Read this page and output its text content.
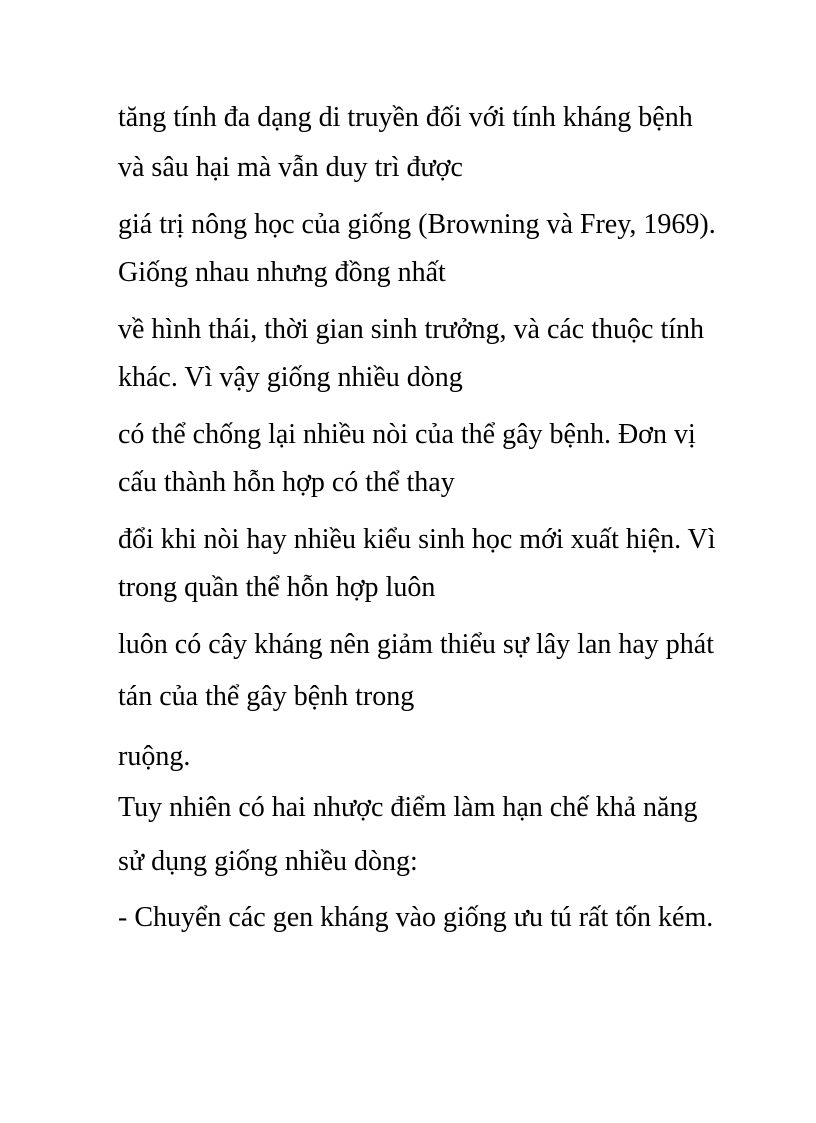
tăng tính đa dạng di truyền đối với tính kháng bệnh
và sâu hại mà vẫn duy trì được
giá trị nông học của giống (Browning và Frey, 1969).
Giống nhau nhưng đồng nhất
về hình thái, thời gian sinh trưởng, và các thuộc tính
khác. Vì vậy giống nhiều dòng
có thể chống lại nhiều nòi của thể gây bệnh. Đơn vị
cấu thành hỗn hợp có thể thay
đổi khi nòi hay nhiều kiểu sinh học mới xuất hiện. Vì
trong quần thể hỗn hợp luôn
luôn có cây kháng nên giảm thiểu sự lây lan hay phát
tán của thể gây bệnh trong
ruộng.
Tuy nhiên có hai nhược điểm làm hạn chế khả năng
sử dụng giống nhiều dòng:
- Chuyển các gen kháng vào giống ưu tú rất tốn kém.
